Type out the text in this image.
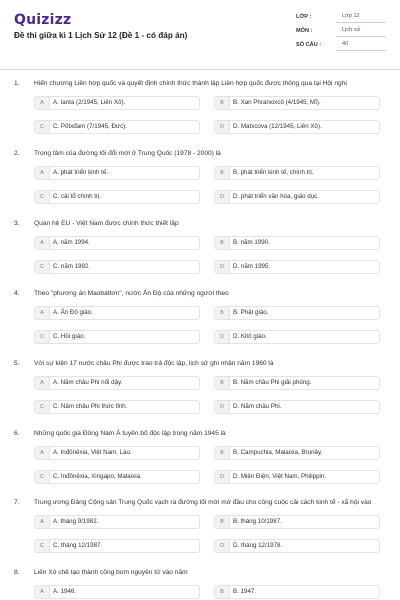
Quizizz
Đề thi giữa kì 1 Lịch Sử 12 (Đề 1 - có đáp án)
LỚP :	Lớp 12
MÔN :	Lịch sử
SỐ CÂU :	40
1. Hiến chương Liên hợp quốc và quyết định chính thức thành lập Liên hợp quốc được thông qua tại Hội nghị
A	A. Ianta (2/1945, Liên Xô).	B	B. Xan Phranxixcô (4/1945, Mĩ).
C	C. Pốtxđam (7/1945, Đức).	D	D. Matxcova (12/1945, Liên Xô).
2. Trọng tâm của đường lối đổi mới ở Trung Quốc (1978 - 2000) là
A	A. phát triển kinh tế.	B	B. phát triển kinh tế, chính trị.
C	C. cải tổ chính trị.	D	D. phát triển văn hóa, giáo dục.
3. Quan hệ EU - Việt Nam được chính thức thiết lập
A	A. năm 1994.	B	B. năm 1990.
C	C. năm 1992.	D	D. năm 1995.
4. Theo "phương án Maobáttơn", nước Ấn Độ của những người theo
A	A. Ấn Độ giáo.	B	B. Phật giáo.
C	C. Hồi giáo.	D	D. Kitô giáo.
5. Với sự kiện 17 nước châu Phi được trao trả độc lập, lịch sử ghi nhận năm 1960 là
A	A. Năm châu Phi nổi dậy.	B	B. Năm châu Phi giải phóng.
C	C. Năm châu Phi thức tỉnh.	D	D. Năm châu Phi.
6. Những quốc gia Đông Nam Á tuyên bố độc lập trong năm 1945 là
A	A. Inđônêxia, Việt Nam, Lào.	B	B. Campuchia, Malaixia, Brunây.
C	C. Inđônêxia, Xingapo, Malaixia.	D	D. Miến Điện, Việt Nam, Philippin.
7. Trung ương Đảng Cộng sản Trung Quốc vạch ra đường lối mới mở đầu cho công cuộc cải cách kinh tế - xã hội vào
A	A. tháng 9/1982.	B	B. tháng 10/1987.
C	C. tháng 12/1987.	D	D. tháng 12/1978.
8. Liên Xô chế tạo thành công bom nguyên tử vào năm
A	A. 1946.	B	B. 1947.
